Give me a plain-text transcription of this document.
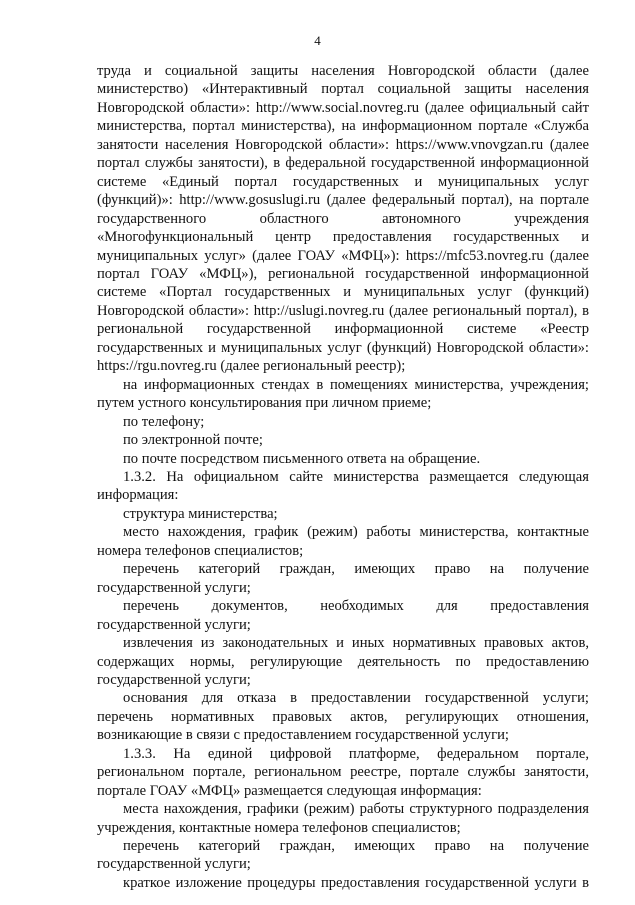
4

труда и социальной защиты населения Новгородской области (далее

министерство) «Интерактивный портал социальной защиты населения

Новгородской области»: http://www.social.novreg.ru (далее официальный сайт

министерства, портал министерства), на информационном портале «Служба

занятости населения Новгородской области»: https://www.vnovgzan.ru (далее

портал службы занятости), в федеральной государственной информационной

системе «Единый портал государственных и муниципальных услуг

(функций)»: http://www.gosuslugi.ru (далее федеральный портал), на портале

государственного областного автономного учреждения

«Многофункциональный центр предоставления государственных и

муниципальных услуг» (далее ГОАУ «МФЦ»): https://mfc53.novreg.ru (далее

портал ГОАУ «МФЦ»), региональной государственной информационной

системе «Портал государственных и муниципальных услуг (функций)

Новгородской области»: http://uslugi.novreg.ru (далее региональный портал), в

региональной государственной информационной системе «Реестр

государственных и муниципальных услуг (функций) Новгородской области»:

https://rgu.novreg.ru (далее региональный реестр);

на информационных стендах в помещениях министерства, учреждения;

путем устного консультирования при личном приеме;

по телефону;

по электронной почте;

по почте посредством письменного ответа на обращение.

1.3.2. На официальном сайте министерства размещается следующая

информация:

структура министерства;

место нахождения, график (режим) работы министерства, контактные

номера телефонов специалистов;

перечень категорий граждан, имеющих право на получение

государственной услуги;

перечень документов, необходимых для предоставления

государственной услуги;

извлечения из законодательных и иных нормативных правовых актов,

содержащих нормы, регулирующие деятельность по предоставлению

государственной услуги;

основания для отказа в предоставлении государственной услуги;

перечень нормативных правовых актов, регулирующих отношения,

возникающие в связи с предоставлением государственной услуги;

1.3.3. На единой цифровой платформе, федеральном портале,

региональном портале, региональном реестре, портале службы занятости,

портале ГОАУ «МФЦ» размещается следующая информация:

места нахождения, графики (режим) работы структурного подразделения

учреждения, контактные номера телефонов специалистов;

перечень категорий граждан, имеющих право на получение

государственной услуги;

краткое изложение процедуры предоставления государственной услуги в
